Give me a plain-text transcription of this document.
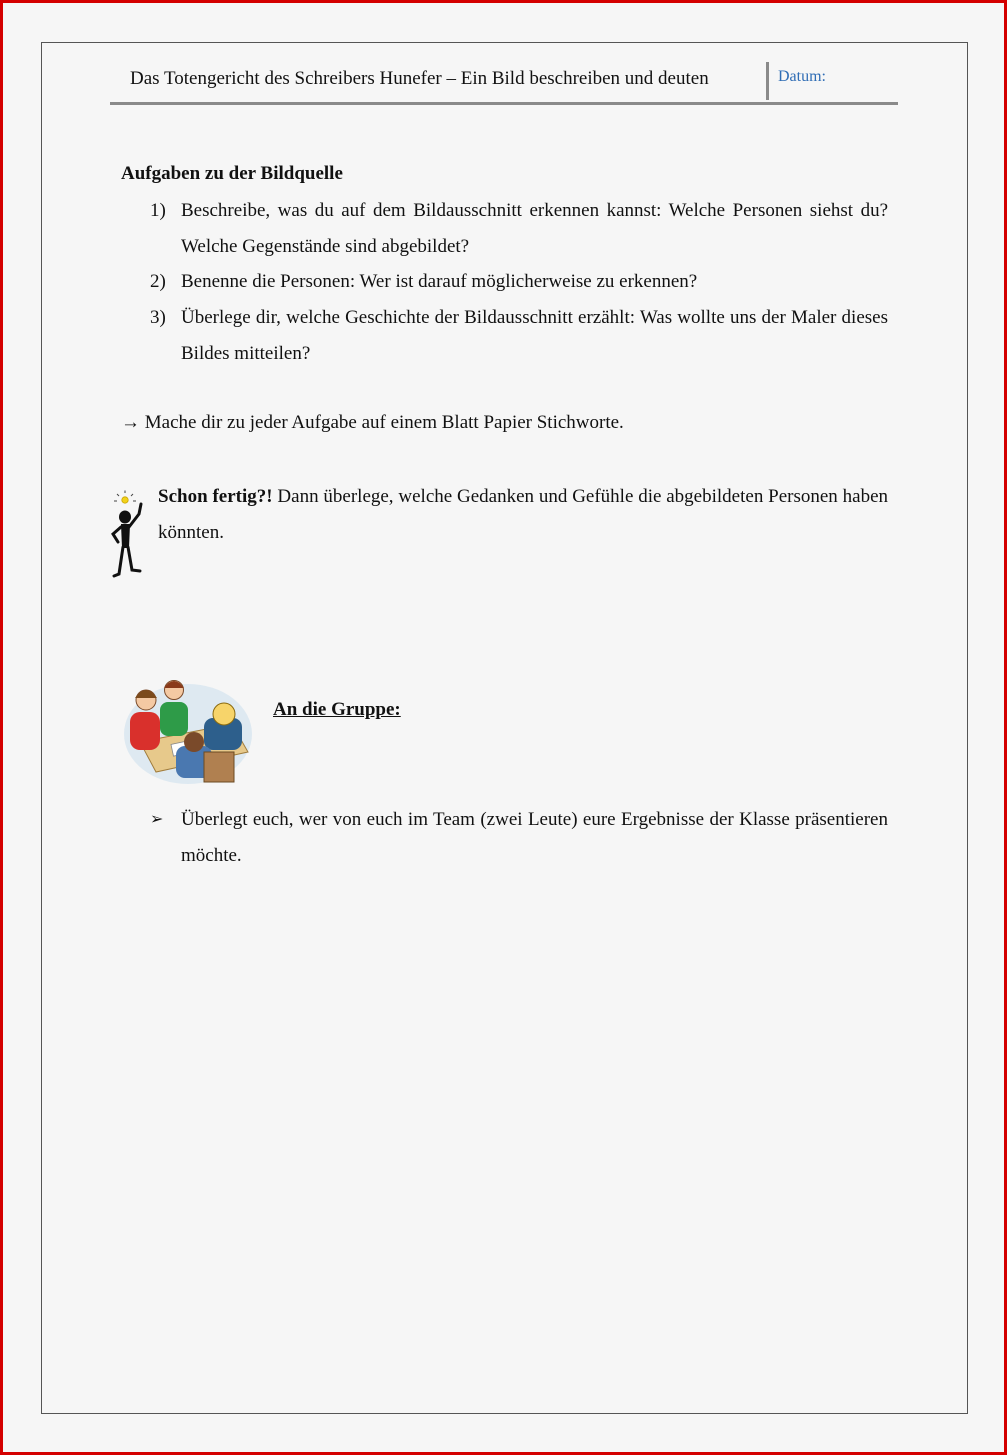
Das Totengericht des Schreibers Hunefer – Ein Bild beschreiben und deuten	Datum:
Aufgaben zu der Bildquelle
1) Beschreibe, was du auf dem Bildausschnitt erkennen kannst: Welche Personen siehst du? Welche Gegenstände sind abgebildet?
2) Benenne die Personen: Wer ist darauf möglicherweise zu erkennen?
3) Überlege dir, welche Geschichte der Bildausschnitt erzählt: Was wollte uns der Maler dieses Bildes mitteilen?
→ Mache dir zu jeder Aufgabe auf einem Blatt Papier Stichworte.
Schon fertig?! Dann überlege, welche Gedanken und Gefühle die abgebildeten Personen haben könnten.
An die Gruppe:
➢ Überlegt euch, wer von euch im Team (zwei Leute) eure Ergebnisse der Klasse präsentieren möchte.
